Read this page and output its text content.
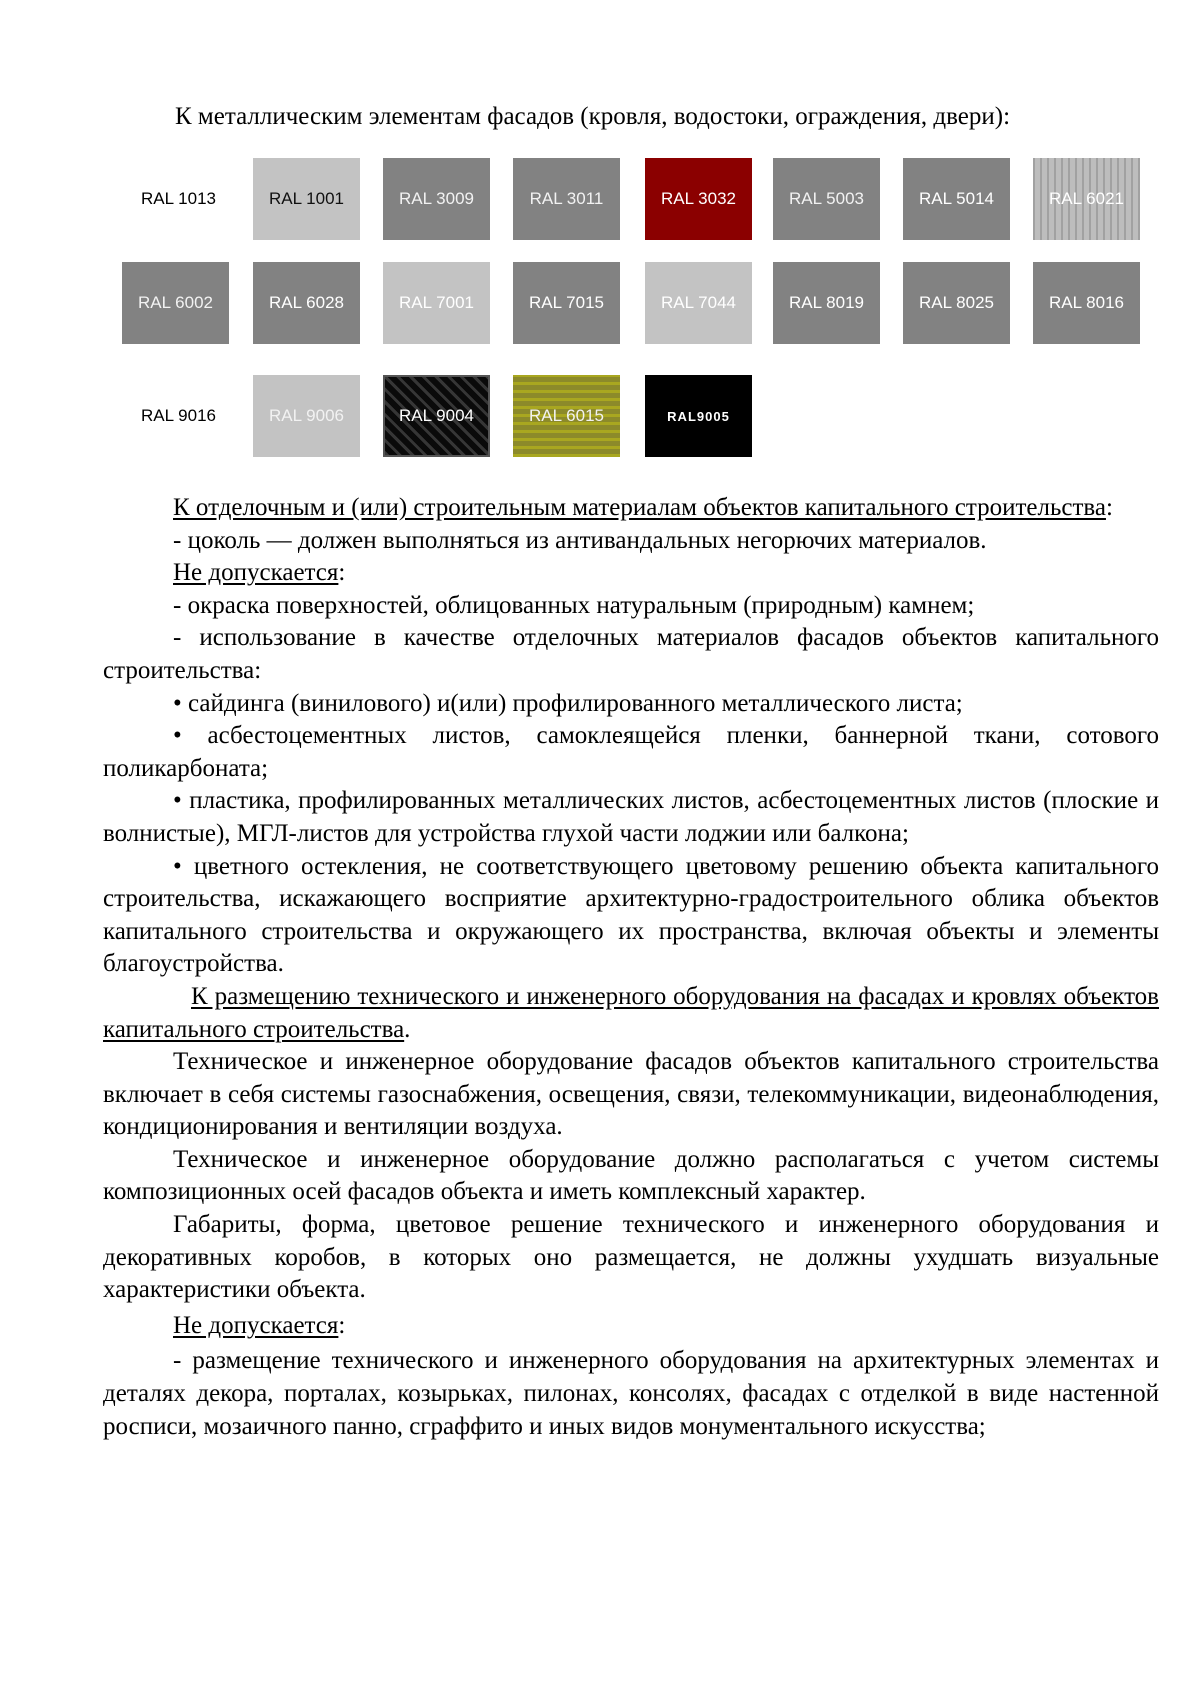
К металлическим элементам фасадов (кровля, водостоки, ограждения, двери):

RAL 1013	RAL 1001	RAL 3009	RAL 3011	RAL 3032	RAL 5003	RAL 5014	RAL 6021
RAL 6002	RAL 6028	RAL 7001	RAL 7015	RAL 7044	RAL 8019	RAL 8025	RAL 8016
RAL 9016	RAL 9006	RAL 9004	RAL 6015	RAL9005

К отделочным и (или) строительным материалам объектов капитального строительства:

- цоколь — должен выполняться из антивандальных негорючих материалов.

Не допускается:

- окраска поверхностей, облицованных натуральным (природным) камнем;

- использование в качестве отделочных материалов фасадов объектов капитального строительства:

• сайдинга (винилового) и(или) профилированного металлического листа;

• асбестоцементных листов, самоклеящейся пленки, баннерной ткани, сотового поликарбоната;

• пластика, профилированных металлических листов, асбестоцементных листов (плоские и волнистые), МГЛ-листов для устройства глухой части лоджии или балкона;

• цветного остекления, не соответствующего цветовому решению объекта капитального строительства, искажающего восприятие архитектурно-градостроительного облика объектов капитального строительства и окружающего их пространства, включая объекты и элементы благоустройства.

К размещению технического и инженерного оборудования на фасадах и кровлях объектов капитального строительства.

Техническое и инженерное оборудование фасадов объектов капитального строительства включает в себя системы газоснабжения, освещения, связи, телекоммуникации, видеонаблюдения, кондиционирования и вентиляции воздуха.

Техническое и инженерное оборудование должно располагаться с учетом системы композиционных осей фасадов объекта и иметь комплексный характер.

Габариты, форма, цветовое решение технического и инженерного оборудования и декоративных коробов, в которых оно размещается, не должны ухудшать визуальные характеристики объекта.

Не допускается:

- размещение технического и инженерного оборудования на архитектурных элементах и деталях декора, порталах, козырьках, пилонах, консолях, фасадах с отделкой в виде настенной росписи, мозаичного панно, сграффито и иных видов монументального искусства;
